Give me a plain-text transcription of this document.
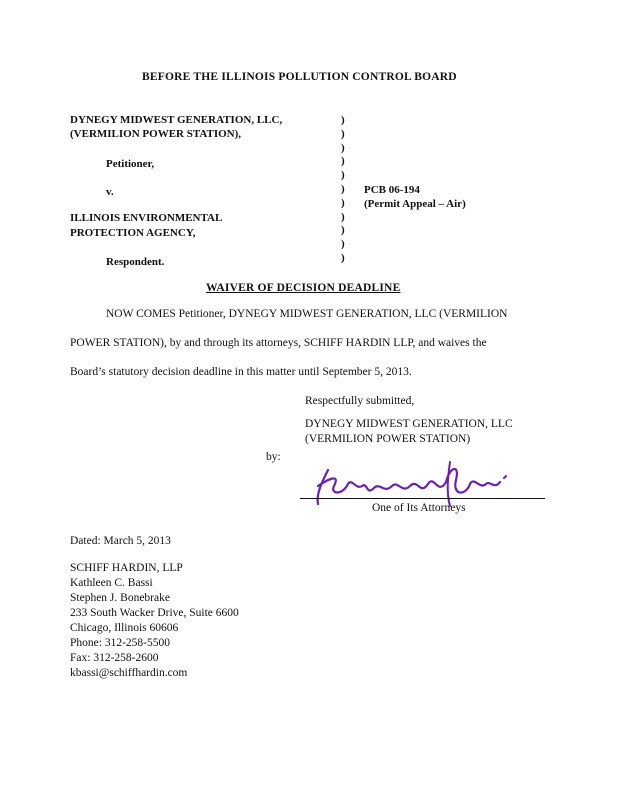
BEFORE THE ILLINOIS POLLUTION CONTROL BOARD
DYNEGY MIDWEST GENERATION, LLC,
(VERMILION POWER STATION),
Petitioner,
v.
ILLINOIS ENVIRONMENTAL
PROTECTION AGENCY,
Respondent.
)
)
)
)
)
)
)
)
)
)
)
PCB 06-194
(Permit Appeal – Air)
WAIVER OF DECISION DEADLINE
NOW COMES Petitioner, DYNEGY MIDWEST GENERATION, LLC (VERMILION
POWER STATION), by and through its attorneys, SCHIFF HARDIN LLP, and waives the
Board’s statutory decision deadline in this matter until September 5, 2013.
Respectfully submitted,
DYNEGY MIDWEST GENERATION, LLC
(VERMILION POWER STATION)
by:
One of Its Attorneys
Dated: March 5, 2013
SCHIFF HARDIN, LLP
Kathleen C. Bassi
Stephen J. Bonebrake
233 South Wacker Drive, Suite 6600
Chicago, Illinois 60606
Phone: 312-258-5500
Fax: 312-258-2600
kbassi@schiffhardin.com
